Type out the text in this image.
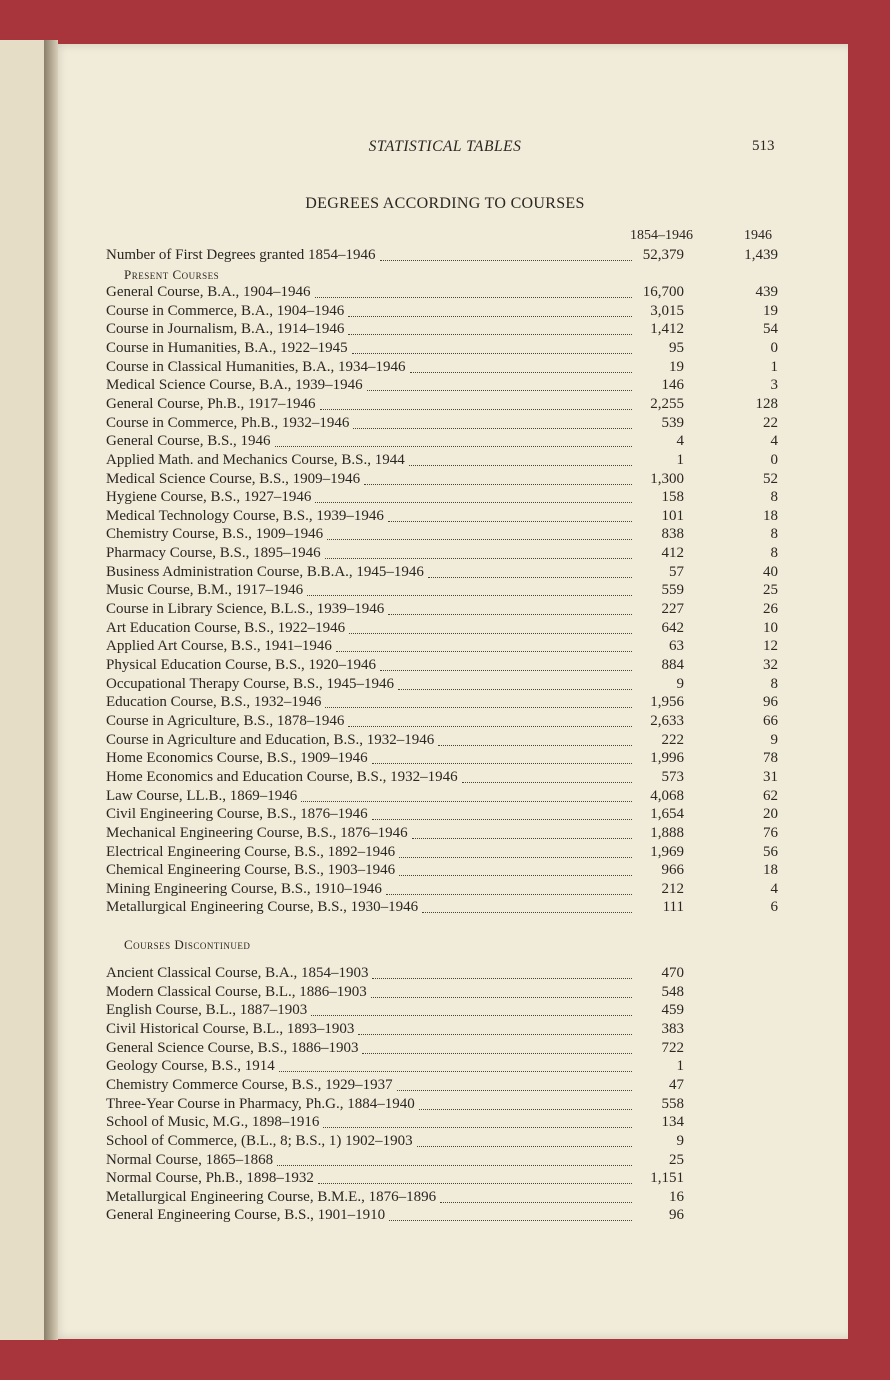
STATISTICAL TABLES	513
DEGREES ACCORDING TO COURSES
1854–1946	1946
Number of First Degrees granted 1854–1946	52,379	1,439
Present Courses
General Course, B.A., 1904–1946	16,700	439
Course in Commerce, B.A., 1904–1946	3,015	19
Course in Journalism, B.A., 1914–1946	1,412	54
Course in Humanities, B.A., 1922–1945	95	0
Course in Classical Humanities, B.A., 1934–1946	19	1
Medical Science Course, B.A., 1939–1946	146	3
General Course, Ph.B., 1917–1946	2,255	128
Course in Commerce, Ph.B., 1932–1946	539	22
General Course, B.S., 1946	4	4
Applied Math. and Mechanics Course, B.S., 1944	1	0
Medical Science Course, B.S., 1909–1946	1,300	52
Hygiene Course, B.S., 1927–1946	158	8
Medical Technology Course, B.S., 1939–1946	101	18
Chemistry Course, B.S., 1909–1946	838	8
Pharmacy Course, B.S., 1895–1946	412	8
Business Administration Course, B.B.A., 1945–1946	57	40
Music Course, B.M., 1917–1946	559	25
Course in Library Science, B.L.S., 1939–1946	227	26
Art Education Course, B.S., 1922–1946	642	10
Applied Art Course, B.S., 1941–1946	63	12
Physical Education Course, B.S., 1920–1946	884	32
Occupational Therapy Course, B.S., 1945–1946	9	8
Education Course, B.S., 1932–1946	1,956	96
Course in Agriculture, B.S., 1878–1946	2,633	66
Course in Agriculture and Education, B.S., 1932–1946	222	9
Home Economics Course, B.S., 1909–1946	1,996	78
Home Economics and Education Course, B.S., 1932–1946	573	31
Law Course, LL.B., 1869–1946	4,068	62
Civil Engineering Course, B.S., 1876–1946	1,654	20
Mechanical Engineering Course, B.S., 1876–1946	1,888	76
Electrical Engineering Course, B.S., 1892–1946	1,969	56
Chemical Engineering Course, B.S., 1903–1946	966	18
Mining Engineering Course, B.S., 1910–1946	212	4
Metallurgical Engineering Course, B.S., 1930–1946	111	6
Courses Discontinued
Ancient Classical Course, B.A., 1854–1903	470
Modern Classical Course, B.L., 1886–1903	548
English Course, B.L., 1887–1903	459
Civil Historical Course, B.L., 1893–1903	383
General Science Course, B.S., 1886–1903	722
Geology Course, B.S., 1914	1
Chemistry Commerce Course, B.S., 1929–1937	47
Three-Year Course in Pharmacy, Ph.G., 1884–1940	558
School of Music, M.G., 1898–1916	134
School of Commerce, (B.L., 8; B.S., 1) 1902–1903	9
Normal Course, 1865–1868	25
Normal Course, Ph.B., 1898–1932	1,151
Metallurgical Engineering Course, B.M.E., 1876–1896	16
General Engineering Course, B.S., 1901–1910	96
